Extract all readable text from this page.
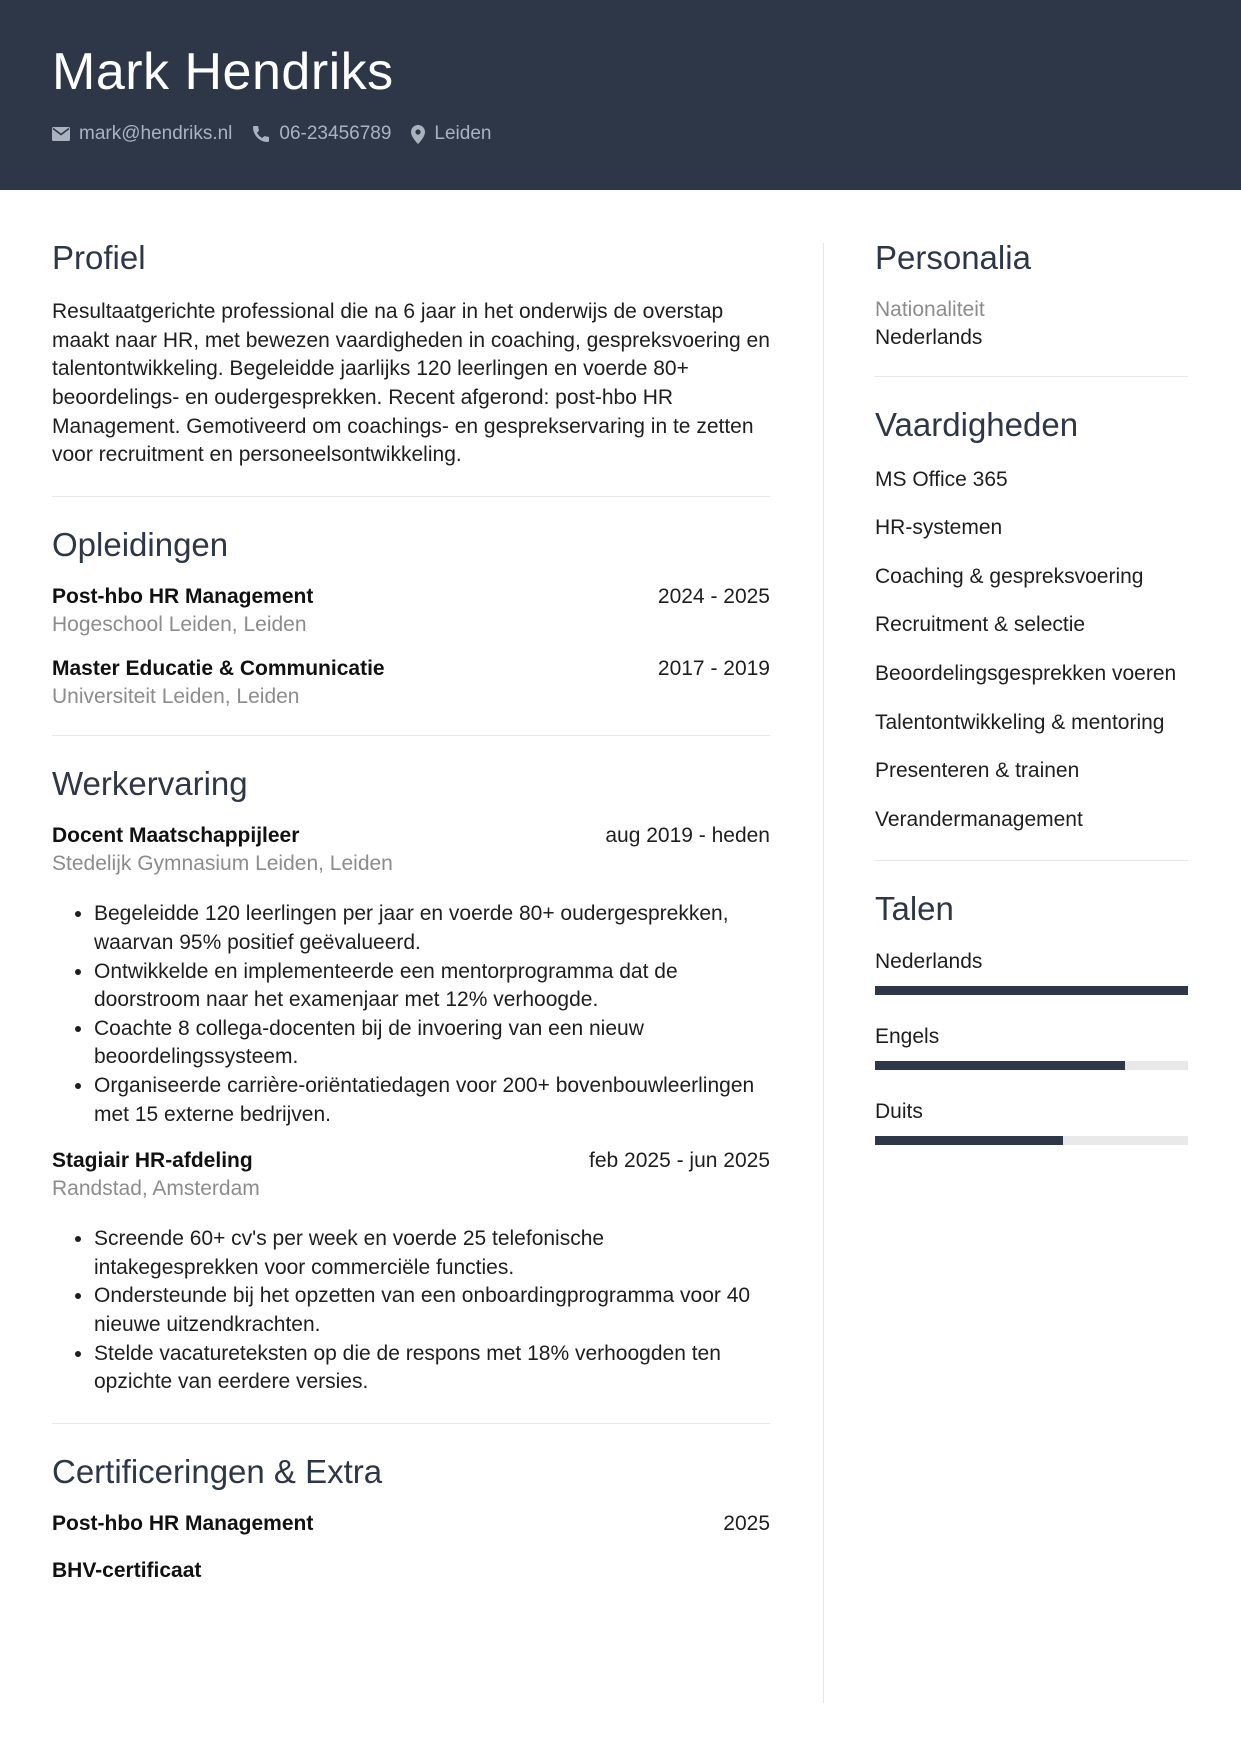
Mark Hendriks
mark@hendriks.nl 06-23456789 Leiden
Profiel

Resultaatgerichte professional die na 6 jaar in het onderwijs de overstap maakt naar HR, met bewezen vaardigheden in coaching, gespreksvoering en talentontwikkeling. Begeleidde jaarlijks 120 leerlingen en voerde 80+ beoordelings- en oudergesprekken. Recent afgerond: post-hbo HR Management. Gemotiveerd om coachings- en gesprekservaring in te zetten voor recruitment en personeelsontwikkeling.

Opleidingen
Post-hbo HR Management	2024 - 2025
Hogeschool Leiden, Leiden
Master Educatie & Communicatie	2017 - 2019
Universiteit Leiden, Leiden
Werkervaring
Docent Maatschappijleer	aug 2019 - heden
Stedelijk Gymnasium Leiden, Leiden
• Begeleidde 120 leerlingen per jaar en voerde 80+ oudergesprekken, waarvan 95% positief geëvalueerd.
• Ontwikkelde en implementeerde een mentorprogramma dat de doorstroom naar het examenjaar met 12% verhoogde.
• Coachte 8 collega-docenten bij de invoering van een nieuw beoordelingssysteem.
• Organiseerde carrière-oriëntatiedagen voor 200+ bovenbouwleerlingen met 15 externe bedrijven.
Stagiair HR-afdeling	feb 2025 - jun 2025
Randstad, Amsterdam
• Screende 60+ cv's per week en voerde 25 telefonische intakegesprekken voor commerciële functies.
• Ondersteunde bij het opzetten van een onboardingprogramma voor 40 nieuwe uitzendkrachten.
• Stelde vacatureteksten op die de respons met 18% verhoogden ten opzichte van eerdere versies.
Certificeringen & Extra
Post-hbo HR Management	2025
BHV-certificaat
Personalia
Nationaliteit
Nederlands
Vaardigheden
MS Office 365
HR-systemen
Coaching & gespreksvoering
Recruitment & selectie
Beoordelingsgesprekken voeren
Talentontwikkeling & mentoring
Presenteren & trainen
Verandermanagement
Talen
Nederlands
Engels
Duits
